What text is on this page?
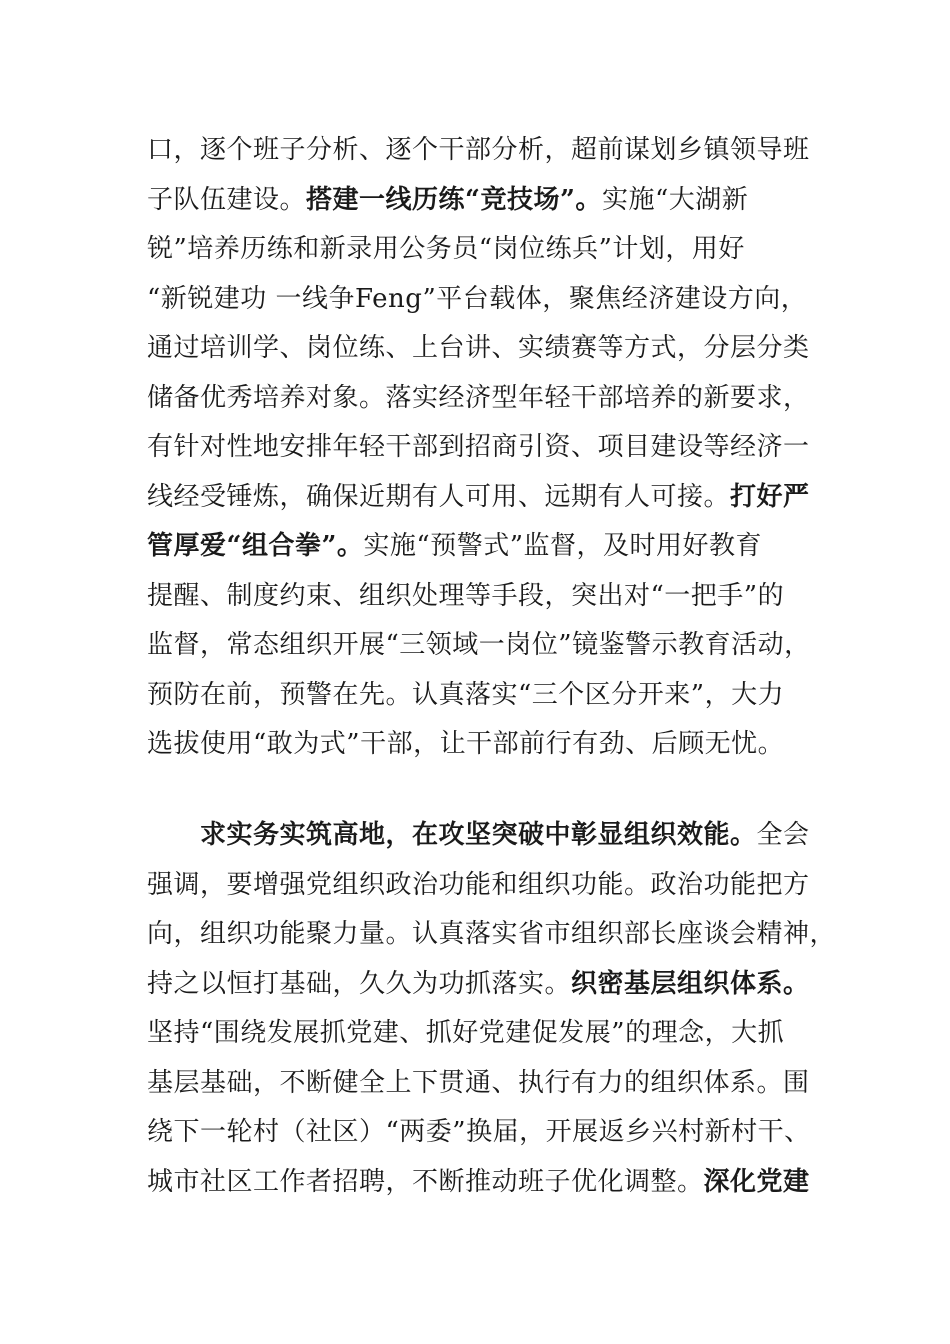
口，逐个班子分析、逐个干部分析，超前谋划乡镇领导班
子队伍建设。搭建一线历练“竞技场”。实施“大湖新
锐”培养历练和新录用公务员“岗位练兵”计划，用好
“新锐建功 一线争Feng”平台载体，聚焦经济建设方向，
通过培训学、岗位练、上台讲、实绩赛等方式，分层分类
储备优秀培养对象。落实经济型年轻干部培养的新要求，
有针对性地安排年轻干部到招商引资、项目建设等经济一
线经受锤炼，确保近期有人可用、远期有人可接。打好严
管厚爱“组合拳”。实施“预警式”监督，及时用好教育
提醒、制度约束、组织处理等手段，突出对“一把手”的
监督，常态组织开展“三领域一岗位”镜鉴警示教育活动，
预防在前，预警在先。认真落实“三个区分开来”，大力
选拔使用“敢为式”干部，让干部前行有劲、后顾无忧。
　　求实务实筑高地，在攻坚突破中彰显组织效能。全会
强调，要增强党组织政治功能和组织功能。政治功能把方
向，组织功能聚力量。认真落实省市组织部长座谈会精神，
持之以恒打基础，久久为功抓落实。织密基层组织体系。
坚持“围绕发展抓党建、抓好党建促发展”的理念，大抓
基层基础，不断健全上下贯通、执行有力的组织体系。围
绕下一轮村（社区）“两委”换届，开展返乡兴村新村干、
城市社区工作者招聘，不断推动班子优化调整。深化党建
